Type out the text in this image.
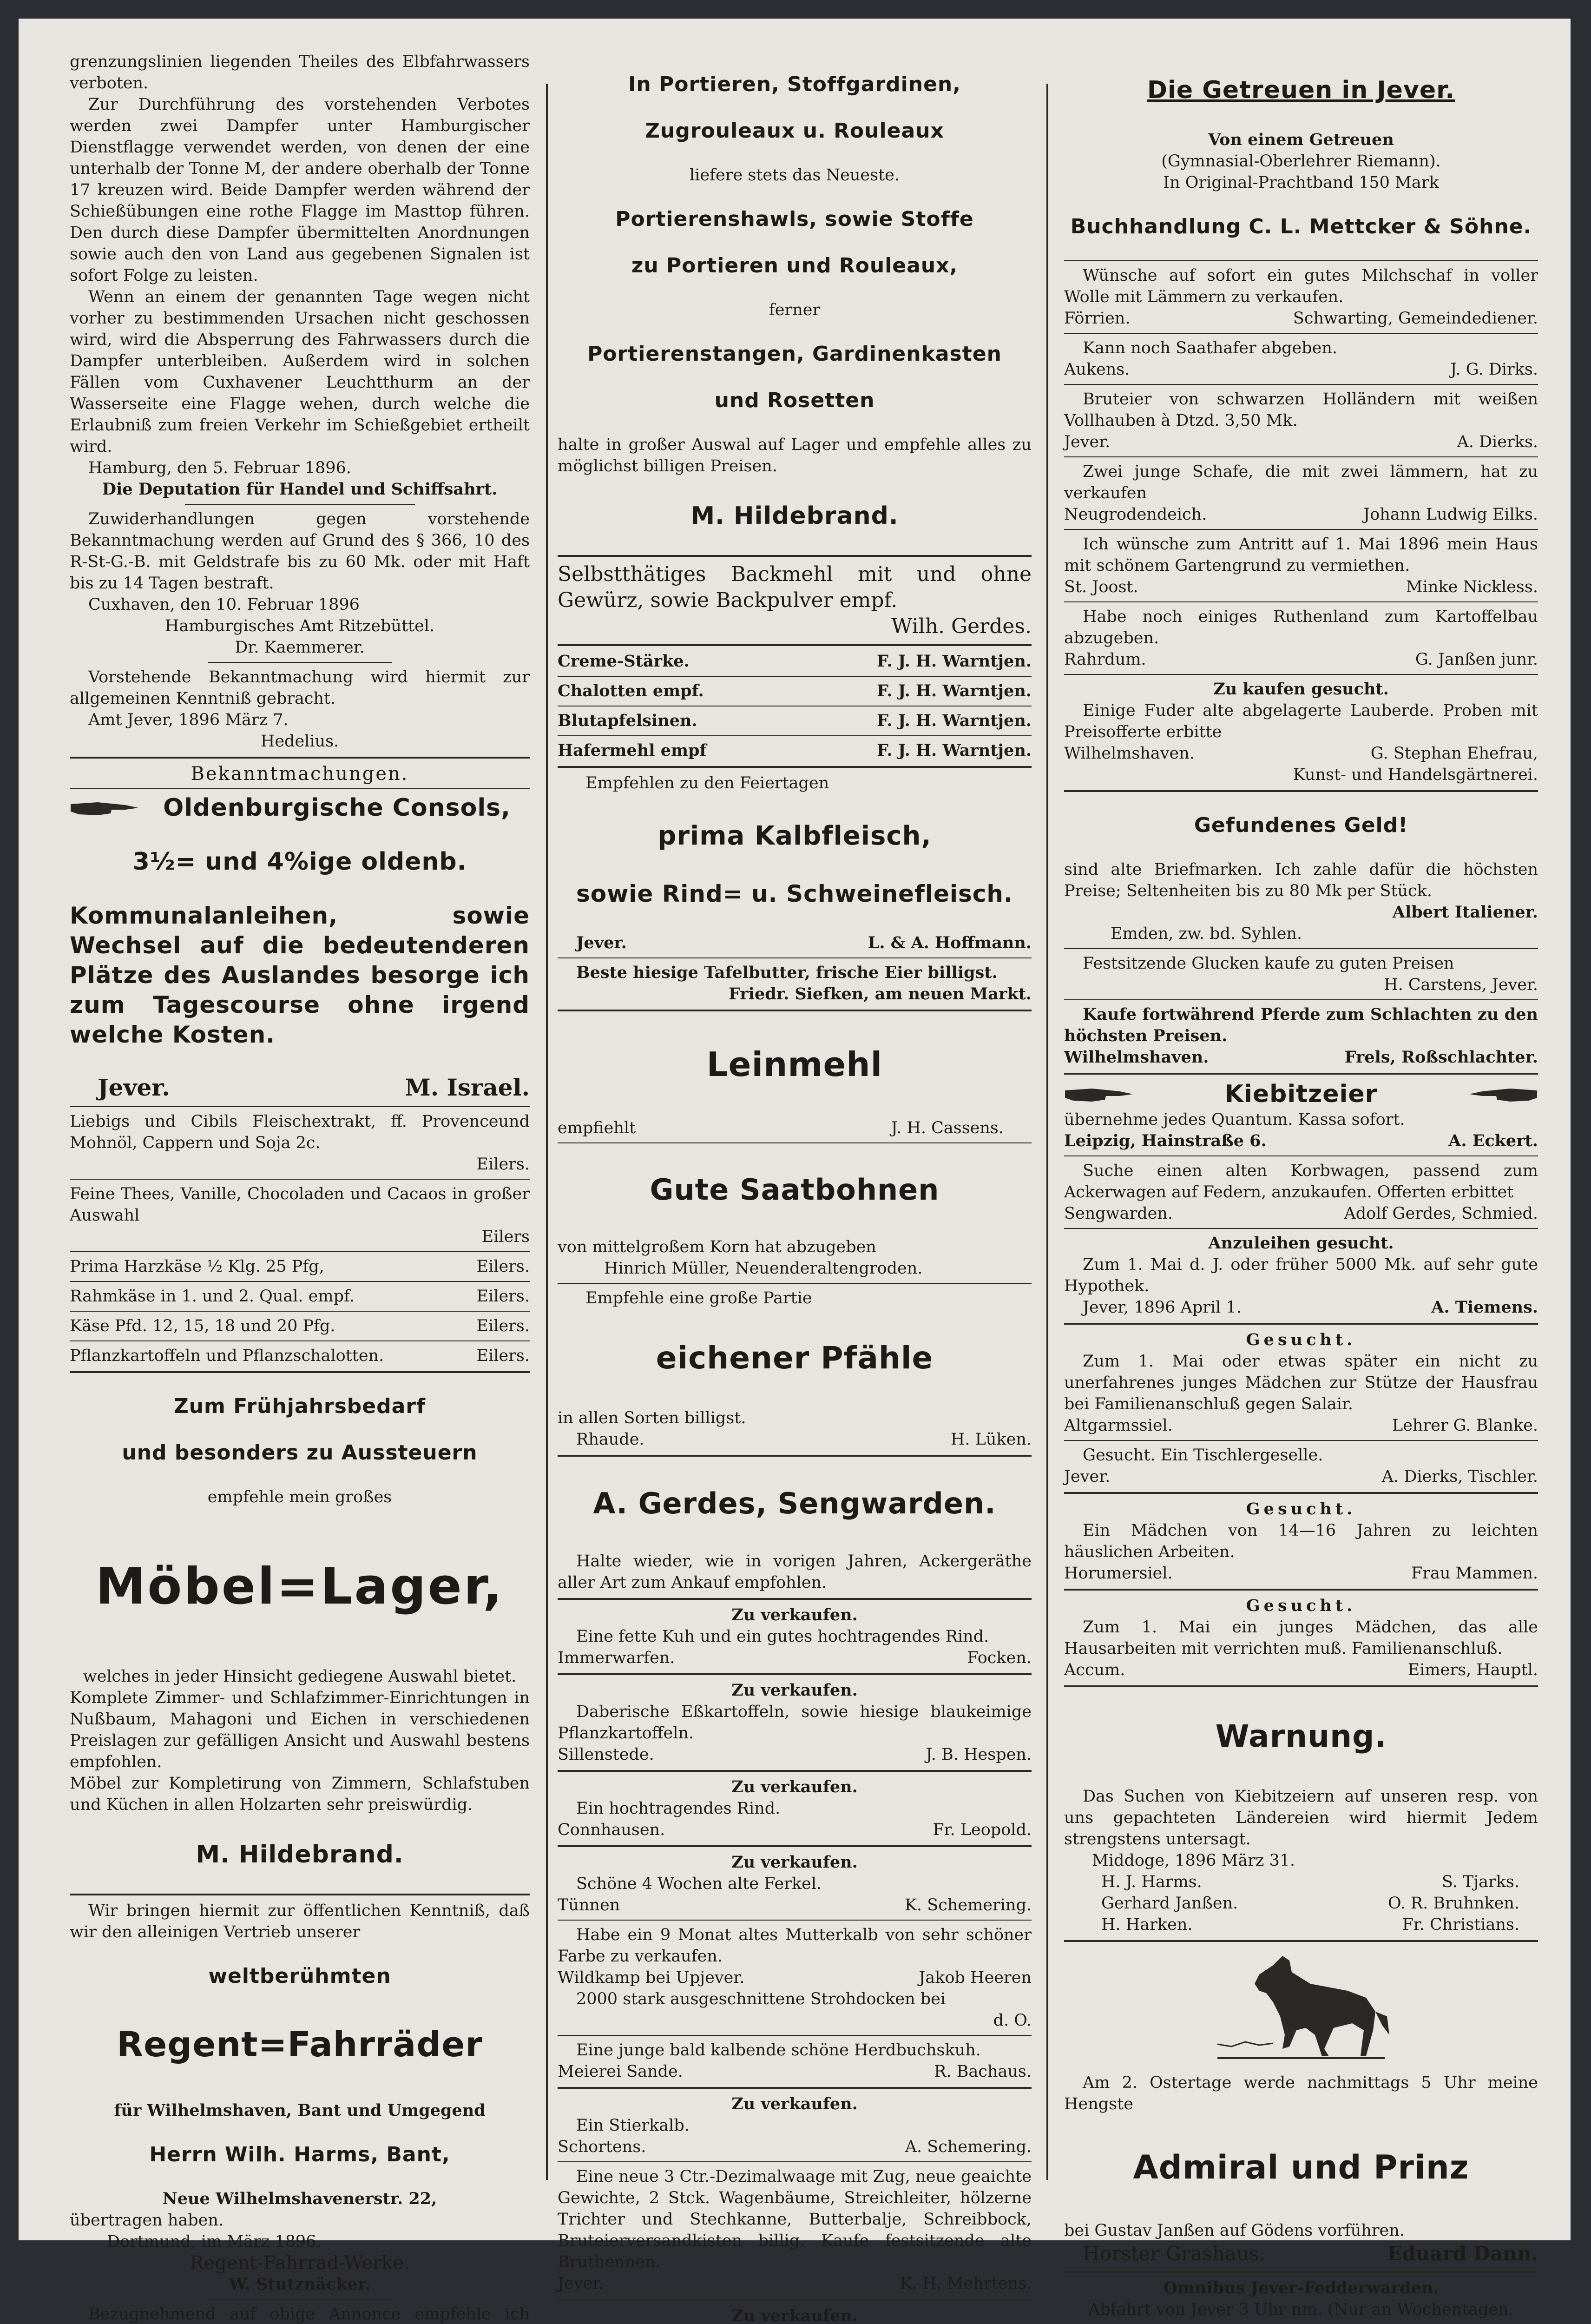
grenzungslinien liegenden Theiles des Elbfahrwassers verboten.

Zur Durchführung des vorstehenden Verbotes werden zwei Dampfer unter Hamburgischer Dienstflagge verwendet werden, von denen der eine unterhalb der Tonne M, der andere oberhalb der Tonne 17 kreuzen wird. Beide Dampfer werden während der Schießübungen eine rothe Flagge im Masttop führen. Den durch diese Dampfer übermittelten Anordnungen sowie auch den von Land aus gegebenen Signalen ist sofort Folge zu leisten.

Wenn an einem der genannten Tage wegen nicht vorher zu bestimmenden Ursachen nicht geschossen wird, wird die Absperrung des Fahrwassers durch die Dampfer unterbleiben. Außerdem wird in solchen Fällen vom Cuxhavener Leuchtthurm an der Wasserseite eine Flagge wehen, durch welche die Erlaubniß zum freien Verkehr im Schießgebiet ertheilt wird.

Hamburg, den 5. Februar 1896.

Die Deputation für Handel und Schiffsahrt.

Zuwiderhandlungen gegen vorstehende Bekanntmachung werden auf Grund des § 366, 10 des R-St-G.-B. mit Geldstrafe bis zu 60 Mk. oder mit Haft bis zu 14 Tagen bestraft.

Cuxhaven, den 10. Februar 1896

Hamburgisches Amt Ritzebüttel.

Dr. Kaemmerer.

Vorstehende Bekanntmachung wird hiermit zur allgemeinen Kenntniß gebracht.

Amt Jever, 1896 März 7.

Hedelius.

Bekanntmachungen.

Oldenburgische Consols,

3½= und 4%ige oldenb.

Kommunalanleihen, sowie Wechsel auf die bedeutenderen Plätze des Auslandes besorge ich zum Tagescourse ohne irgend welche Kosten.

Jever.	M. Israel.

Liebigs und Cibils Fleischextrakt, ff. Provenceund Mohnöl, Cappern und Soja 2c.

Eilers.

Feine Thees, Vanille, Chocoladen und Cacaos in großer Auswahl

Eilers

Prima Harzkäse ½ Klg. 25 Pfg,	Eilers.
Rahmkäse in 1. und 2. Qual. empf.	Eilers.
Käse Pfd. 12, 15, 18 und 20 Pfg.	Eilers.
Pflanzkartoffeln und Pflanzschalotten.	Eilers.

Zum Frühjahrsbedarf

und besonders zu Aussteuern

empfehle mein großes

Möbel=Lager,

welches in jeder Hinsicht gediegene Auswahl bietet.

Komplete Zimmer- und Schlafzimmer-Einrichtungen in Nußbaum, Mahagoni und Eichen in verschiedenen Preislagen zur gefälligen Ansicht und Auswahl bestens empfohlen.

Möbel zur Kompletirung von Zimmern, Schlafstuben und Küchen in allen Holzarten sehr preiswürdig.

M. Hildebrand.

Wir bringen hiermit zur öffentlichen Kenntniß, daß wir den alleinigen Vertrieb unserer

weltberühmten

Regent=Fahrräder

für Wilhelmshaven, Bant und Umgegend

Herrn Wilh. Harms, Bant,

Neue Wilhelmshavenerstr. 22,

übertragen haben.

Dortmund, im März 1896.

Regent-Fahrrad-Werke.

W. Stutznäcker.

Bezugnehmend auf obige Annonce empfehle ich

In Portieren, Stoffgardinen,

Zugrouleaux u. Rouleaux

liefere stets das Neueste.

Portierenshawls, sowie Stoffe

zu Portieren und Rouleaux,

ferner

Portierenstangen, Gardinenkasten

und Rosetten

halte in großer Auswal auf Lager und empfehle alles zu möglichst billigen Preisen.

M. Hildebrand.

Selbstthätiges Backmehl mit und ohne Gewürz, sowie Backpulver empf.

Wilh. Gerdes.

Creme-Stärke.	F. J. H. Warntjen.
Chalotten empf.	F. J. H. Warntjen.
Blutapfelsinen.	F. J. H. Warntjen.
Hafermehl empf	F. J. H. Warntjen.

Empfehlen zu den Feiertagen

prima Kalbfleisch,

sowie Rind= u. Schweinefleisch.

Jever.	L. & A. Hoffmann.

Beste hiesige Tafelbutter, frische Eier billigst.

Friedr. Siefken, am neuen Markt.

Leinmehl

empfiehlt	J. H. Cassens.

Gute Saatbohnen

von mittelgroßem Korn hat abzugeben

Hinrich Müller, Neuenderaltengroden.

Empfehle eine große Partie

eichener Pfähle

in allen Sorten billigst.

Rhaude.	H. Lüken.

A. Gerdes, Sengwarden.

Halte wieder, wie in vorigen Jahren, Ackergeräthe aller Art zum Ankauf empfohlen.

Zu verkaufen.

Eine fette Kuh und ein gutes hochtragendes Rind.

Immerwarfen.	Focken.

Zu verkaufen.

Daberische Eßkartoffeln, sowie hiesige blaukeimige Pflanzkartoffeln.

Sillenstede.	J. B. Hespen.

Zu verkaufen.

Ein hochtragendes Rind.

Connhausen.	Fr. Leopold.

Zu verkaufen.

Schöne 4 Wochen alte Ferkel.

Tünnen	K. Schemering.

Habe ein 9 Monat altes Mutterkalb von sehr schöner Farbe zu verkaufen.

Wildkamp bei Upjever.	Jakob Heeren

2000 stark ausgeschnittene Strohdocken bei

d. O.

Eine junge bald kalbende schöne Herdbuchskuh.

Meierei Sande.	R. Bachaus.

Zu verkaufen.

Ein Stierkalb.

Schortens.	A. Schemering.

Eine neue 3 Ctr.-Dezimalwaage mit Zug, neue geaichte Gewichte, 2 Stck. Wagenbäume, Streichleiter, hölzerne Trichter und Stechkanne, Butterbalje, Schreibbock, Bruteierversandkisten billig. Kaufe festsitzende alte Bruthennen.

Jever.	K. H. Mehrtens.

Zu verkaufen.

Die Getreuen in Jever.

Von einem Getreuen

(Gymnasial-Oberlehrer Riemann).

In Original-Prachtband 150 Mark

Buchhandlung C. L. Mettcker & Söhne.

Wünsche auf sofort ein gutes Milchschaf in voller Wolle mit Lämmern zu verkaufen.

Förrien.	Schwarting, Gemeindediener.

Kann noch Saathafer abgeben.

Aukens.	J. G. Dirks.

Bruteier von schwarzen Holländern mit weißen Vollhauben à Dtzd. 3,50 Mk.

Jever.	A. Dierks.

Zwei junge Schafe, die mit zwei lämmern, hat zu verkaufen

Neugrodendeich.	Johann Ludwig Eilks.

Ich wünsche zum Antritt auf 1. Mai 1896 mein Haus mit schönem Gartengrund zu vermiethen.

St. Joost.	Minke Nickless.

Habe noch einiges Ruthenland zum Kartoffelbau abzugeben.

Rahrdum.	G. Janßen junr.

Zu kaufen gesucht.

Einige Fuder alte abgelagerte Lauberde. Proben mit Preisofferte erbitte

Wilhelmshaven.	G. Stephan Ehefrau,

Kunst- und Handelsgärtnerei.

Gefundenes Geld!

sind alte Briefmarken. Ich zahle dafür die höchsten Preise; Seltenheiten bis zu 80 Mk per Stück.

Albert Italiener.

Emden, zw. bd. Syhlen.

Festsitzende Glucken kaufe zu guten Preisen

H. Carstens, Jever.

Kaufe fortwährend Pferde zum Schlachten zu den höchsten Preisen.

Wilhelmshaven.	Frels, Roßschlachter.
Kiebitzeier

übernehme jedes Quantum. Kassa sofort.

Leipzig, Hainstraße 6.	A. Eckert.

Suche einen alten Korbwagen, passend zum Ackerwagen auf Federn, anzukaufen. Offerten erbittet

Sengwarden.	Adolf Gerdes, Schmied.

Anzuleihen gesucht.

Zum 1. Mai d. J. oder früher 5000 Mk. auf sehr gute Hypothek.

Jever, 1896 April 1.	A. Tiemens.

Gesucht.

Zum 1. Mai oder etwas später ein nicht zu unerfahrenes junges Mädchen zur Stütze der Hausfrau bei Familienanschluß gegen Salair.

Altgarmssiel.	Lehrer G. Blanke.

Gesucht. Ein Tischlergeselle.

Jever.	A. Dierks, Tischler.

Gesucht.

Ein Mädchen von 14—16 Jahren zu leichten häuslichen Arbeiten.

Horumersiel.	Frau Mammen.

Gesucht.

Zum 1. Mai ein junges Mädchen, das alle Hausarbeiten mit verrichten muß. Familienanschluß.

Accum.	Eimers, Hauptl.

Warnung.

Das Suchen von Kiebitzeiern auf unseren resp. von uns gepachteten Ländereien wird hiermit Jedem strengstens untersagt.

Middoge, 1896 März 31.

H. J. Harms.	S. Tjarks.
Gerhard Janßen.	O. R. Bruhnken.
H. Harken.	Fr. Christians.

Am 2. Ostertage werde nachmittags 5 Uhr meine Hengste

Admiral und Prinz

bei Gustav Janßen auf Gödens vorführen.

Horster Grashaus.	Eduard Dann.

Omnibus Jever-Fedderwarden.

Abfahrt von Jever 3 Uhr nm. (Nur an Wochentagen.
